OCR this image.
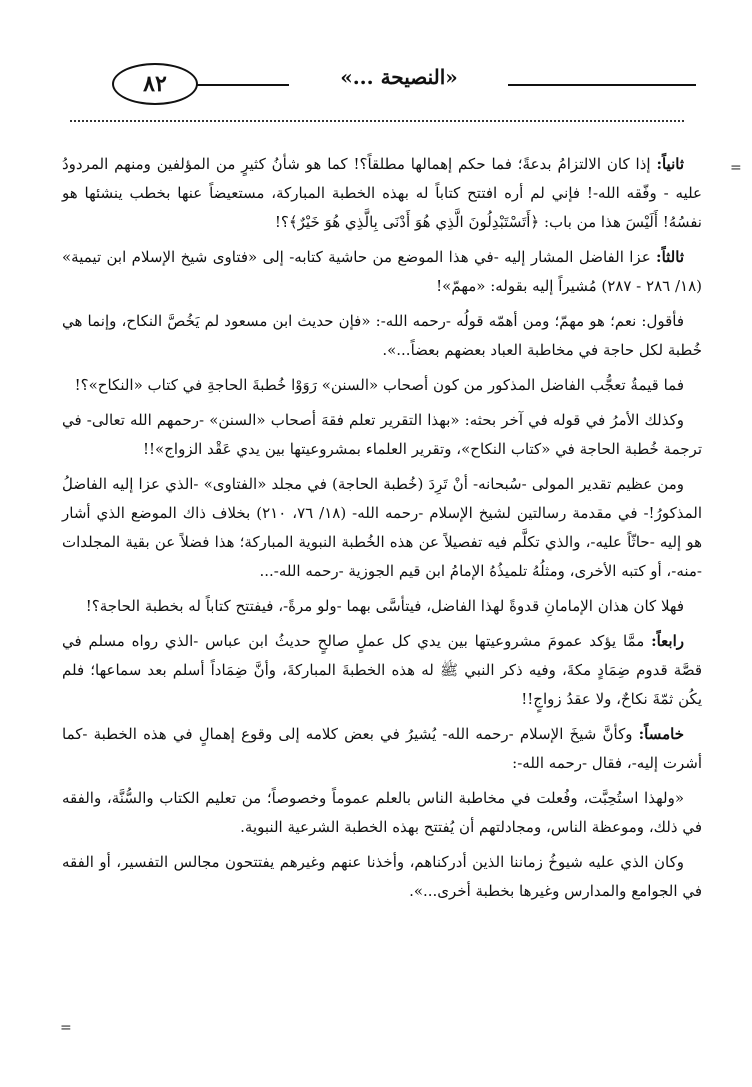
٨٢	«النصيحة ...»
=
=

ثانياً: إذا كان الالتزامُ بدعةً؛ فما حكم إهمالها مطلقاً؟! كما هو شأنُ كثيرٍ من المؤلفين ومنهم المردودُ عليه - وفّقه الله-! فإني لم أره افتتح كتاباً له بهذه الخطبة المباركة، مستعيضاً عنها بخطب ينشئها هو نفسُهُ! أَلَيْسَ هذا من باب: ﴿أَتَسْتَبْدِلُونَ الَّذِي هُوَ أَدْنَى بِالَّذِي هُوَ خَيْرٌ﴾؟!

ثالثاً: عزا الفاضل المشار إليه -في هذا الموضع من حاشية كتابه- إلى «فتاوى شيخ الإسلام ابن تيمية» (١٨/ ٢٨٦ - ٢٨٧) مُشيراً إليه بقوله: «مهمّ»!

فأقول: نعم؛ هو مهمّ؛ ومن أهمّه قولُه -رحمه الله-: «فإن حديث ابن مسعود لم يَخُصَّ النكاح، وإنما هي خُطبة لكل حاجة في مخاطبة العباد بعضهم بعضاً...».

فما قيمةُ تعجُّب الفاضل المذكور من كون أصحاب «السنن» رَوَوْا خُطبةَ الحاجةِ في كتاب «النكاح»؟!

وكذلك الأمرُ في قوله في آخر بحثه: «بهذا التقرير تعلم فقهَ أصحاب «السنن» -رحمهم الله تعالى- في ترجمة خُطبة الحاجة في «كتاب النكاح»، وتقرير العلماء بمشروعيتها بين يدي عَقْد الزواج»!!

ومن عظيم تقدير المولى -سُبحانه- أنْ تَرِدَ (خُطبة الحاجة) في مجلد «الفتاوى» -الذي عزا إليه الفاضلُ المذكورُ!- في مقدمة رسالتين لشيخ الإسلام -رحمه الله- (١٨/ ٧٦، ٢١٠) بخلاف ذاك الموضع الذي أشار هو إليه -حاثّاً عليه-، والذي تكلَّم فيه تفصيلاً عن هذه الخُطبة النبوية المباركة؛ هذا فضلاً عن بقية المجلدات -منه-، أو كتبه الأخرى، ومثلُهُ تلميذُهُ الإمامُ ابن قيم الجوزية -رحمه الله-...

فهلا كان هذان الإمامانِ قدوةً لهذا الفاضل، فيتأسَّى بهما -ولو مرةً-، فيفتتح كتاباً له بخطبة الحاجة؟!

رابعاً: ممَّا يؤكد عمومَ مشروعيتها بين يدي كل عملٍ صالحٍ حديثُ ابن عباس -الذي رواه مسلم في قصَّة قدوم ضِمَادٍ مكةَ، وفيه ذكر النبي ﷺ له هذه الخطبةَ المباركةَ، وأنَّ ضِمَاداً أسلم بعد سماعها؛ فلم يكُن ثمّةَ نكاحٌ، ولا عقدُ زواجٍ!!

خامساً: وكأنَّ شيخَ الإسلام -رحمه الله- يُشيرُ في بعض كلامه إلى وقوع إهمالٍ في هذه الخطبة -كما أشرت إليه-، فقال -رحمه الله-:

«ولهذا استُحِبَّت، وفُعلت في مخاطبة الناس بالعلم عموماً وخصوصاً؛ من تعليم الكتاب والسُّنَّة، والفقه في ذلك، وموعظة الناس، ومجادلتهم أن يُفتتح بهذه الخطبة الشرعية النبوية.

وكان الذي عليه شيوخُ زماننا الذين أدركناهم، وأخذنا عنهم وغيرهم يفتتحون مجالس التفسير، أو الفقه في الجوامع والمدارس وغيرها بخطبة أخرى...».
